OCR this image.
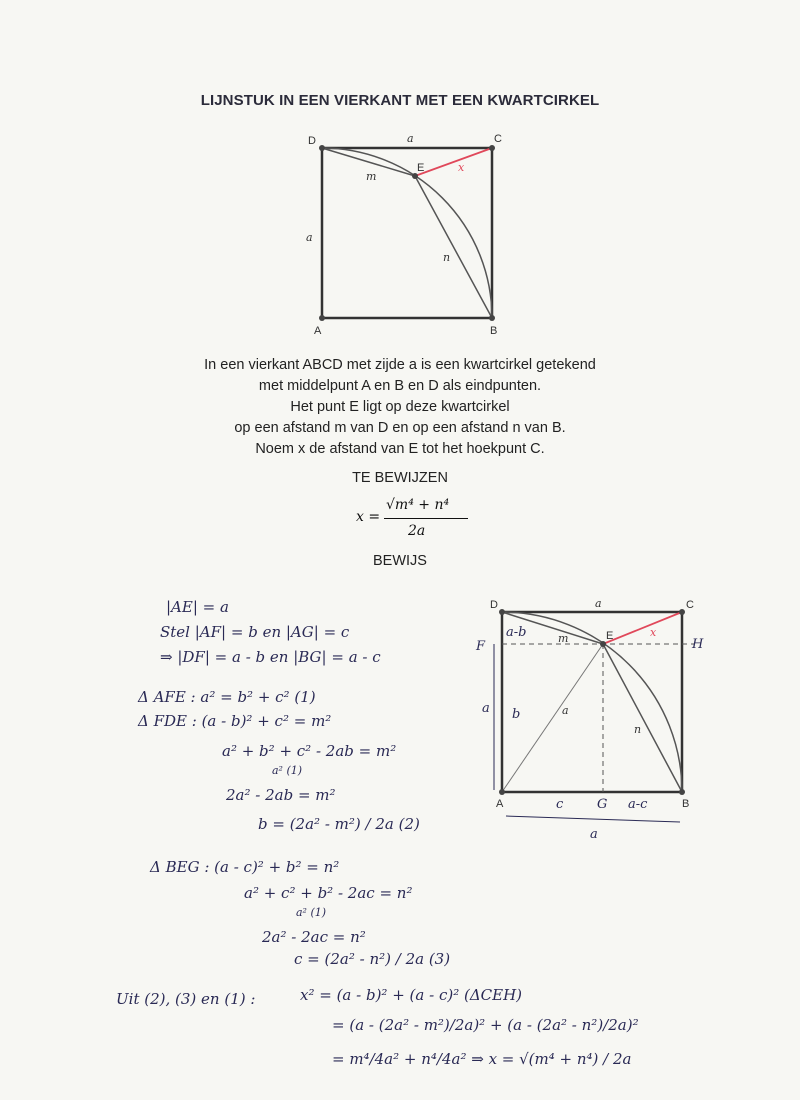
LIJNSTUK IN EEN VIERKANT MET EEN KWARTCIRKEL
D	C
A	B
E
a
a
m
n
x
In een vierkant ABCD met zijde a is een kwartcirkel getekend
met middelpunt A en B en D als eindpunten.
Het punt E ligt op deze kwartcirkel
op een afstand m van D en op een afstand n van B.
Noem x de afstand van E tot het hoekpunt C.
TE BEWIJZEN
x =
√m⁴ + n⁴
2a
BEWIJS
D	C
A	B
E
a
x
m
n
a
a b
a-b
c	a-c
F
G
H
a
|AE| = a
Stel |AF| = b en |AG| = c
⇒ |DF| = a - b en |BG| = a - c
Δ AFE : a² = b² + c² (1)
Δ FDE : (a - b)² + c² = m²
a² + b² + c² - 2ab = m²
a² (1)
2a² - 2ab = m²
b = (2a² - m²) / 2a (2)
Δ BEG : (a - c)² + b² = n²
a² + c² + b² - 2ac = n²
a² (1)
2a² - 2ac = n²
c = (2a² - n²) / 2a (3)
Uit (2), (3) en (1) :	x² = (a - b)² + (a - c)² (ΔCEH)
= (a - (2a² - m²)/2a)² + (a - (2a² - n²)/2a)²
= m⁴/4a² + n⁴/4a² ⇒ x = √(m⁴ + n⁴) / 2a
